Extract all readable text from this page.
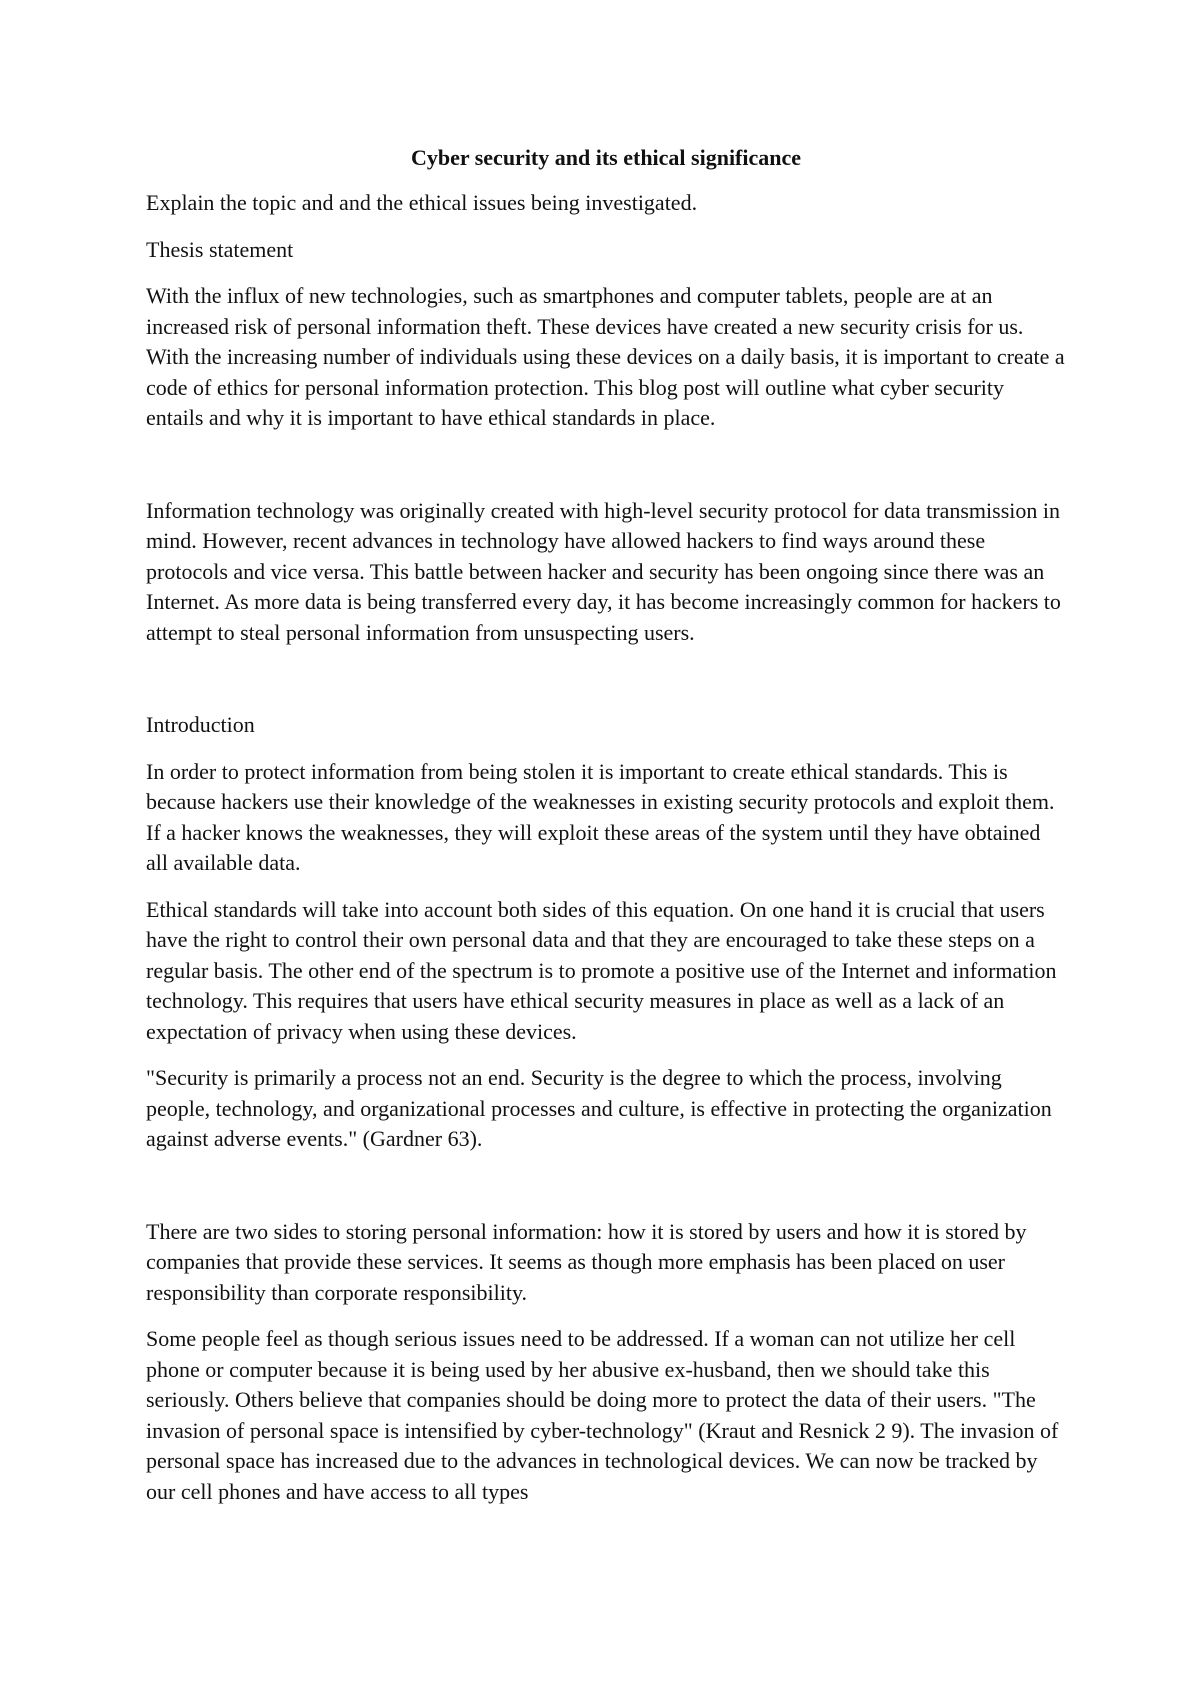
Cyber security and its ethical significance

Explain the topic and and the ethical issues being investigated.

Thesis statement

With the influx of new technologies, such as smartphones and computer tablets, people are at an increased risk of personal information theft. These devices have created a new security crisis for us. With the increasing number of individuals using these devices on a daily basis, it is important to create a code of ethics for personal information protection. This blog post will outline what cyber security entails and why it is important to have ethical standards in place.

Information technology was originally created with high-level security protocol for data transmission in mind. However, recent advances in technology have allowed hackers to find ways around these protocols and vice versa. This battle between hacker and security has been ongoing since there was an Internet. As more data is being transferred every day, it has become increasingly common for hackers to attempt to steal personal information from unsuspecting users.

Introduction

In order to protect information from being stolen it is important to create ethical standards. This is because hackers use their knowledge of the weaknesses in existing security protocols and exploit them. If a hacker knows the weaknesses, they will exploit these areas of the system until they have obtained all available data.

Ethical standards will take into account both sides of this equation. On one hand it is crucial that users have the right to control their own personal data and that they are encouraged to take these steps on a regular basis. The other end of the spectrum is to promote a positive use of the Internet and information technology. This requires that users have ethical security measures in place as well as a lack of an expectation of privacy when using these devices.

"Security is primarily a process not an end. Security is the degree to which the process, involving people, technology, and organizational processes and culture, is effective in protecting the organization against adverse events." (Gardner 63).

There are two sides to storing personal information: how it is stored by users and how it is stored by companies that provide these services. It seems as though more emphasis has been placed on user responsibility than corporate responsibility.

Some people feel as though serious issues need to be addressed. If a woman can not utilize her cell phone or computer because it is being used by her abusive ex-husband, then we should take this seriously. Others believe that companies should be doing more to protect the data of their users. "The invasion of personal space is intensified by cyber-technology" (Kraut and Resnick 2 9). The invasion of personal space has increased due to the advances in technological devices. We can now be tracked by our cell phones and have access to all types
